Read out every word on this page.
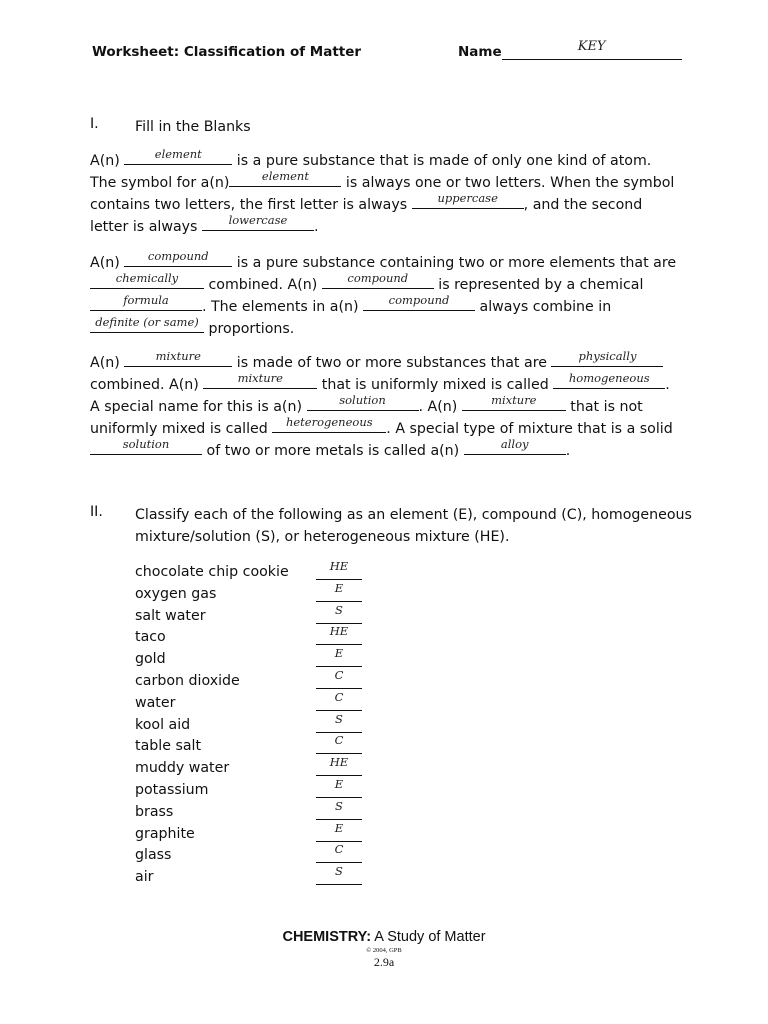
Worksheet: Classification of Matter	Name	KEY
I.	Fill in the Blanks
A(n)	element	is a pure substance that is made of only one kind of atom.
The symbol for a(n)	element	is always one or two letters. When the symbol
contains two letters, the first letter is always	uppercase	, and the second
letter is always	lowercase	.
A(n)	compound	is a pure substance containing two or more elements that are
chemically	combined. A(n)	compound	is represented by a chemical
formula	. The elements in a(n)	compound	always combine in
definite (or same) proportions.
A(n)	mixture	is made of two or more substances that are	physically
combined. A(n)	mixture	that is uniformly mixed is called	homogeneous	.
A special name for this is a(n)	solution	. A(n)	mixture	that is not
uniformly mixed is called	heterogeneous . A special type of mixture that is a solid
solution	of two or more metals is called a(n)	alloy	.
II. Classify each of the following as an element (E), compound (C), homogeneous
mixture/solution (S), or heterogeneous mixture (HE).
chocolate chip cookie	HE
oxygen gas	E
salt water	S
taco	HE
gold	E
carbon dioxide	C
water	C
kool aid	S
table salt	C
muddy water	HE
potassium	E
brass	S
graphite	E
glass	C
air	S
CHEMISTRY: A Study of Matter
© 2004, GPB
2.9a
